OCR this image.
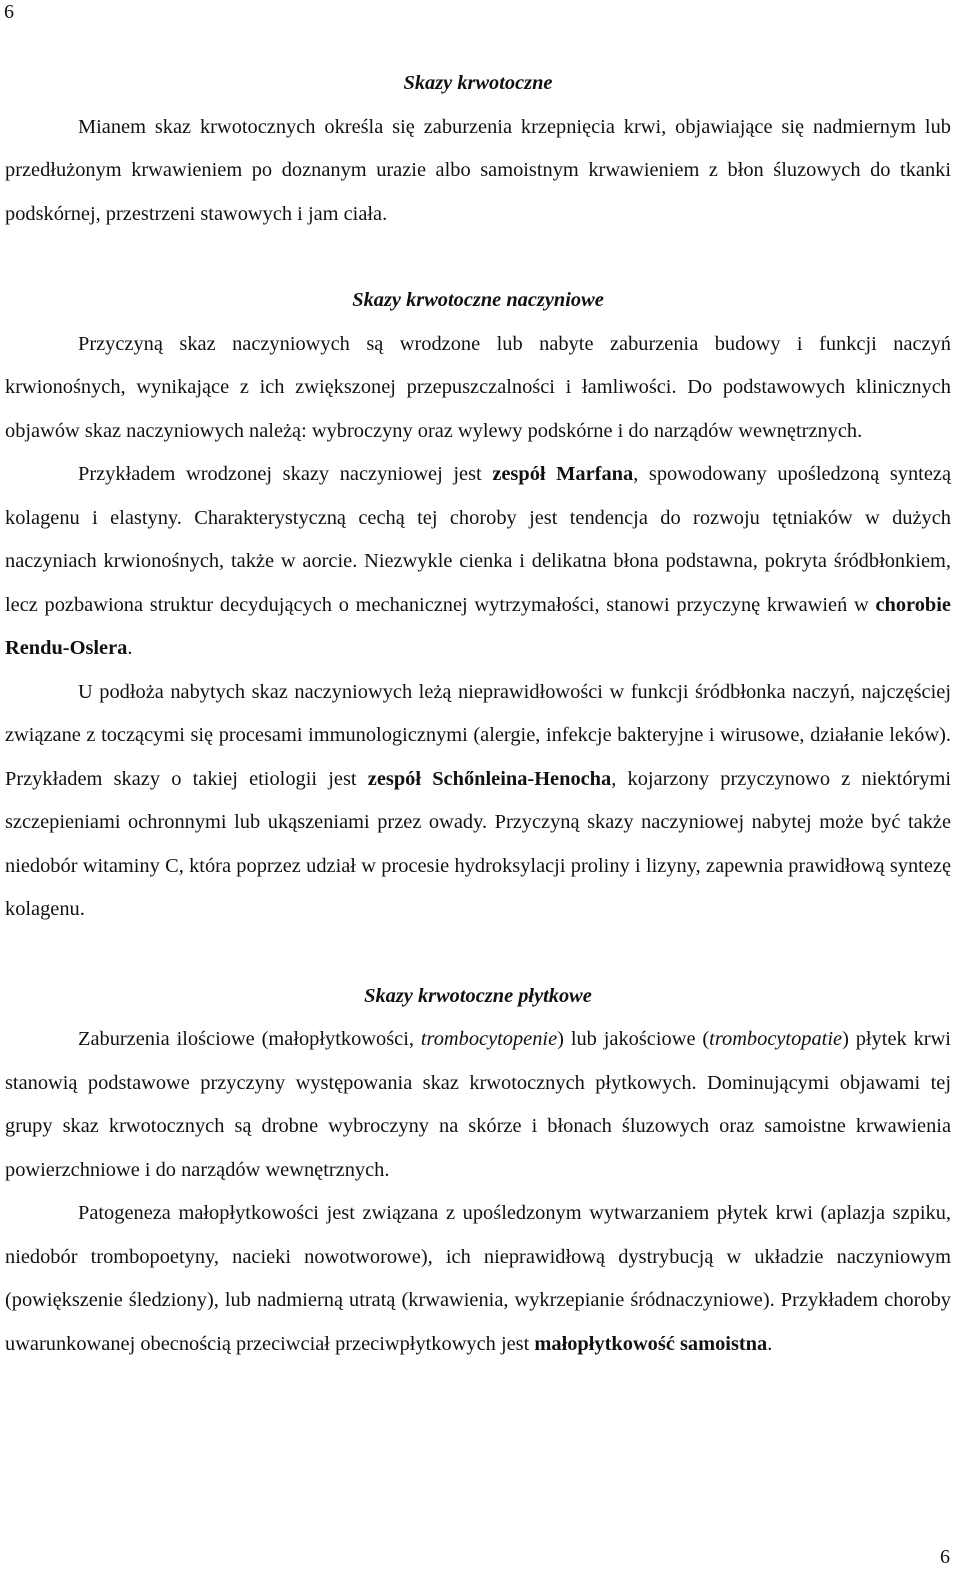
6
Skazy krwotoczne

Mianem skaz krwotocznych określa się zaburzenia krzepnięcia krwi, objawiające się nadmiernym lub przedłużonym krwawieniem po doznanym urazie albo samoistnym krwawieniem z błon śluzowych do tkanki podskórnej, przestrzeni stawowych i jam ciała.

Skazy krwotoczne naczyniowe

Przyczyną skaz naczyniowych są wrodzone lub nabyte zaburzenia budowy i funkcji naczyń krwionośnych, wynikające z ich zwiększonej przepuszczalności i łamliwości. Do podstawowych klinicznych objawów skaz naczyniowych należą: wybroczyny oraz wylewy podskórne i do narządów wewnętrznych.

Przykładem wrodzonej skazy naczyniowej jest zespół Marfana, spowodowany upośledzoną syntezą kolagenu i elastyny. Charakterystyczną cechą tej choroby jest tendencja do rozwoju tętniaków w dużych naczyniach krwionośnych, także w aorcie. Niezwykle cienka i delikatna błona podstawna, pokryta śródbłonkiem, lecz pozbawiona struktur decydujących o mechanicznej wytrzymałości, stanowi przyczynę krwawień w chorobie Rendu-Oslera.

U podłoża nabytych skaz naczyniowych leżą nieprawidłowości w funkcji śródbłonka naczyń, najczęściej związane z toczącymi się procesami immunologicznymi (alergie, infekcje bakteryjne i wirusowe, działanie leków). Przykładem skazy o takiej etiologii jest zespół Schőnleina-Henocha, kojarzony przyczynowo z niektórymi szczepieniami ochronnymi lub ukąszeniami przez owady. Przyczyną skazy naczyniowej nabytej może być także niedobór witaminy C, która poprzez udział w procesie hydroksylacji proliny i lizyny, zapewnia prawidłową syntezę kolagenu.

Skazy krwotoczne płytkowe

Zaburzenia ilościowe (małopłytkowości, trombocytopenie) lub jakościowe (trombocytopatie) płytek krwi stanowią podstawowe przyczyny występowania skaz krwotocznych płytkowych. Dominującymi objawami tej grupy skaz krwotocznych są drobne wybroczyny na skórze i błonach śluzowych oraz samoistne krwawienia powierzchniowe i do narządów wewnętrznych.

Patogeneza małopłytkowości jest związana z upośledzonym wytwarzaniem płytek krwi (aplazja szpiku, niedobór trombopoetyny, nacieki nowotworowe), ich nieprawidłową dystrybucją w układzie naczyniowym (powiększenie śledziony), lub nadmierną utratą (krwawienia, wykrzepianie śródnaczyniowe). Przykładem choroby uwarunkowanej obecnością przeciwciał przeciwpłytkowych jest małopłytkowość samoistna.

6
